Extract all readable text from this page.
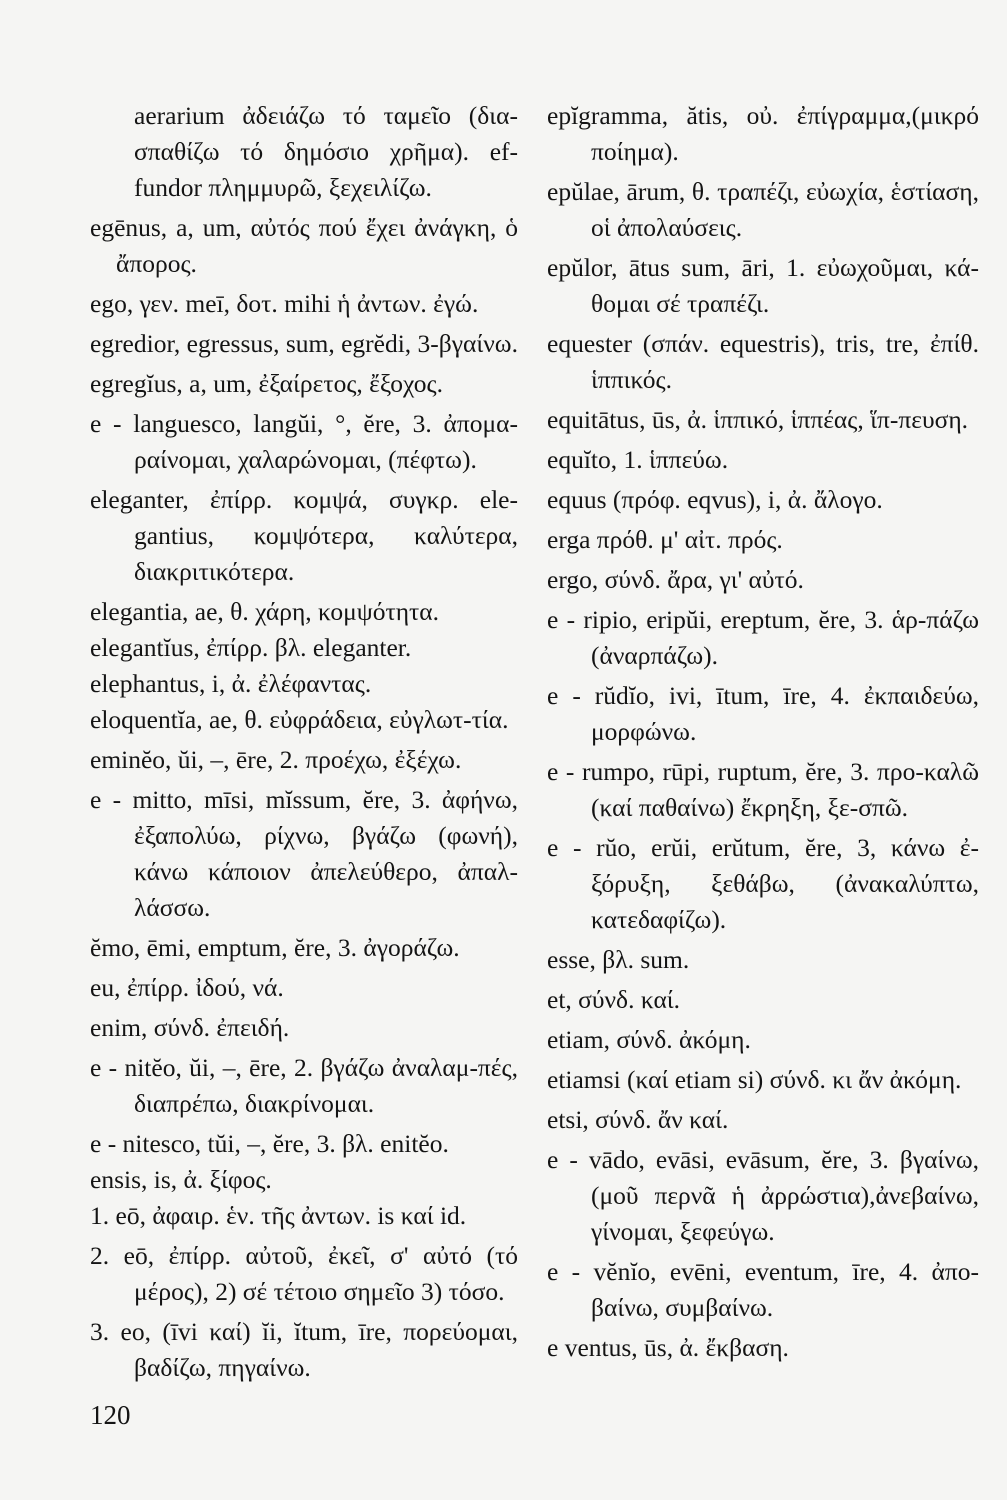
aerarium ἀδειάζω τό ταμεῖο (δια-σπαθίζω τό δημόσιο χρῆμα). ef-fundor πλημμυρῶ, ξεχειλίζω.

egēnus, a, um, αὐτός πού ἔχει ἀνάγκη, ὁ ἄπορος.

ego, γεν. meī, δοτ. mihi ἡ ἀντων. ἐγώ.

egredior, egressus, sum, egrĕdi, 3-βγαίνω.

egregĭus, a, um, ἐξαίρετος, ἔξοχος.

e - languesco, langŭi, °, ĕre, 3. ἀπομα-ραίνομαι, χαλαρώνομαι, (πέφτω).

eleganter, ἐπίρρ. κομψά, συγκρ. ele-gantius, κομψότερα, καλύτερα, διακριτικότερα.

elegantia, ae, θ. χάρη, κομψότητα.

elegantĭus, ἐπίρρ. βλ. eleganter.

elephantus, i, ἀ. ἐλέφαντας.

eloquentĭa, ae, θ. εὐφράδεια, εὐγλωτ-τία.

eminĕo, ŭi, –, ēre, 2. προέχω, ἐξέχω.

e - mitto, mīsi, mĭssum, ĕre, 3. ἀφήνω, ἐξαπολύω, ρίχνω, βγάζω (φωνή), κάνω κάποιον ἀπελεύθερο, ἀπαλ-λάσσω.

ĕmo, ēmi, emptum, ĕre, 3. ἀγοράζω.

eu, ἐπίρρ. ἰδού, νά.

enim, σύνδ. ἐπειδή.

e - nitĕo, ŭi, –, ēre, 2. βγάζω ἀναλαμ-πές, διαπρέπω, διακρίνομαι.

e - nitesco, tŭi, –, ĕre, 3. βλ. enitĕo.

ensis, is, ἀ. ξίφος.

1. eō, ἀφαιρ. ἑν. τῆς ἀντων. is καί id.

2. eō, ἐπίρρ. αὐτοῦ, ἐκεῖ, σ' αὐτό (τό μέρος), 2) σέ τέτοιο σημεῖο 3) τόσο.

3. eo, (īvi καί) ĭi, ĭtum, īre, πορεύομαι, βαδίζω, πηγαίνω.

epĭgramma, ătis, οὐ. ἐπίγραμμα,(μικρό ποίημα).

epŭlae, ārum, θ. τραπέζι, εὐωχία, ἑστίαση, οἱ ἀπολαύσεις.

epŭlor, ātus sum, āri, 1. εὐωχοῦμαι, κά-θομαι σέ τραπέζι.

equester (σπάν. equestris), tris, tre, ἐπίθ. ἱππικός.

equitātus, ūs, ἀ. ἱππικό, ἱππέας, ἵπ-πευση.

equĭto, 1. ἱππεύω.

equus (πρόφ. eqvus), i, ἀ. ἄλογο.

erga πρόθ. μ' αἰτ. πρός.

ergo, σύνδ. ἄρα, γι' αὐτό.

e - ripio, eripŭi, ereptum, ĕre, 3. ἁρ-πάζω (ἀναρπάζω).

e - rŭdĭo, ivi, ītum, īre, 4. ἐκπαιδεύω, μορφώνω.

e - rumpo, rūpi, ruptum, ĕre, 3. προ-καλῶ (καί παθαίνω) ἔκρηξη, ξε-σπῶ.

e - rŭo, erŭi, erŭtum, ĕre, 3, κάνω ἐ-ξόρυξη, ξεθάβω, (ἀνακαλύπτω, κατεδαφίζω).

esse, βλ. sum.

et, σύνδ. καί.

etiam, σύνδ. ἀκόμη.

etiamsi (καί etiam si) σύνδ. κι ἄν ἀκόμη.

etsi, σύνδ. ἄν καί.

e - vādo, evāsi, evāsum, ĕre, 3. βγαίνω, (μοῦ περνᾶ ἡ ἀρρώστια),ἀνεβαίνω, γίνομαι, ξεφεύγω.

e - vĕnĭo, evēni, eventum, īre, 4. ἀπο-βαίνω, συμβαίνω.

e ventus, ūs, ἀ. ἔκβαση.

120
